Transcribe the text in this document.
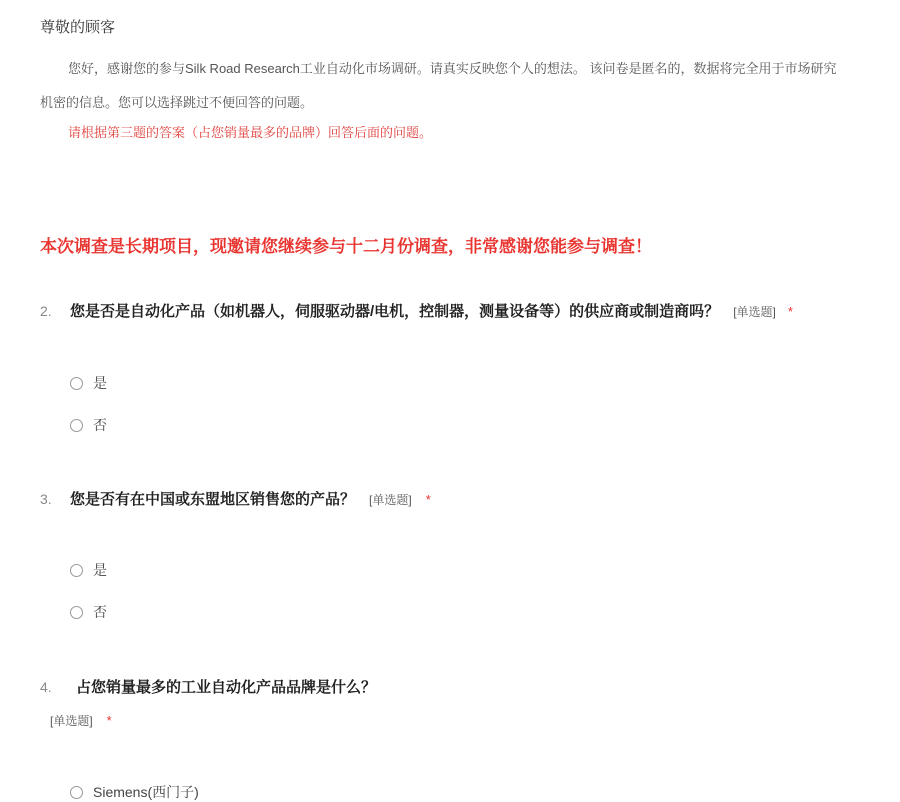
尊敬的顾客
您好，感谢您的参与Silk Road Research工业自动化市场调研。请真实反映您个人的想法。 该问卷是匿名的，数据将完全用于市场研究
机密的信息。您可以选择跳过不便回答的问题。
请根据第三题的答案（占您销量最多的品牌）回答后面的问题。
本次调查是长期项目，现邀请您继续参与十二月份调查，非常感谢您能参与调查！
2.	您是否是自动化产品（如机器人，伺服驱动器/电机，控制器，测量设备等）的供应商或制造商吗？ [单选题] *
是
否
3.	您是否有在中国或东盟地区销售您的产品？ [单选题] *
是
否
4.	占您销量最多的工业自动化产品品牌是什么？
[单选题] *
Siemens(西门子)
